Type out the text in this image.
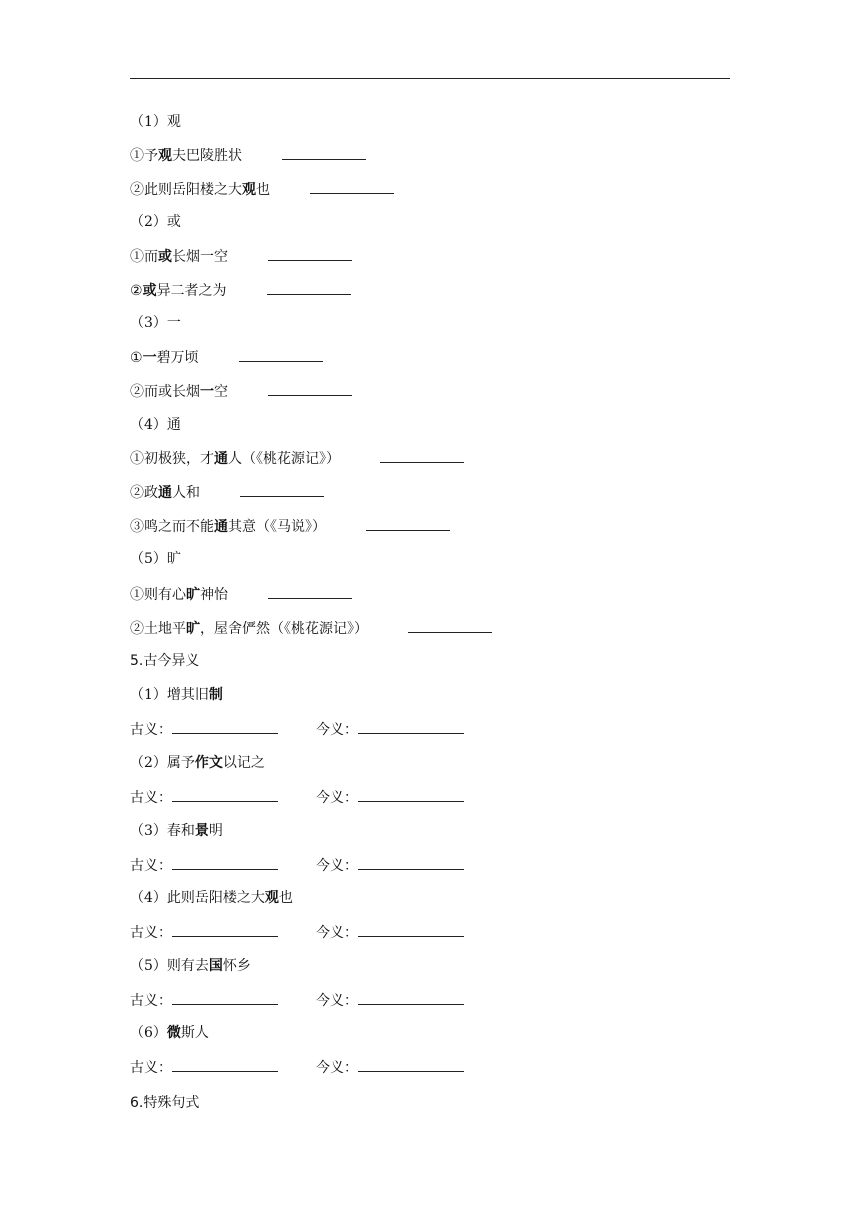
（1）观
①予观夫巴陵胜状
②此则岳阳楼之大观也
（2）或
①而或长烟一空
②或异二者之为
（3）一
①一碧万顷
②而或长烟一空
（4）通
①初极狭，才通人（《桃花源记》）
②政通人和
③鸣之而不能通其意（《马说》）
（5）旷
①则有心旷神怡
②土地平旷，屋舍俨然（《桃花源记》）
5.古今异义
（1）增其旧制
古义：	今义：
（2）属予作文以记之
古义：	今义：
（3）春和景明
古义：	今义：
（4）此则岳阳楼之大观也
古义：	今义：
（5）则有去国怀乡
古义：	今义：
（6）微斯人
古义：	今义：
6.特殊句式
